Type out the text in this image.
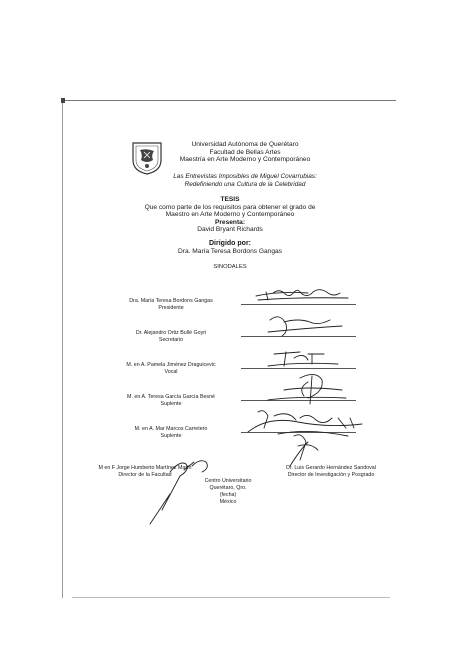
Universidad Autónoma de Querétaro
Facultad de Bellas Artes
Maestría en Arte Moderno y Contemporáneo
Las Entrevistas Imposibles de Miguel Covarrubias:
Redefiniendo una Cultura de la Celebridad
TESIS
Que como parte de los requisitos para obtener el grado de
Maestro en Arte Moderno y Contemporáneo
Presenta:
David Bryant Richards
Dirigido por:
Dra. María Teresa Bordons Gangas
SINODALES
Dra. María Teresa Bordons Gangas
Presidente
Dr. Alejandro Ortiz Bullé Goyri
Secretario
M. en A. Pamela Jiménez Draguicevic
Vocal
M. en A. Teresa García García Besné
Suplente
M. en A. Mar Marcos Carretero
Suplente
M en F Jorge Humberto Martínez Marín
Director de la Facultad
Centro Universitario
Querétaro, Qro.
(fecha)
México
Dr. Luis Gerardo Hernández Sandoval
Director de Investigación y Posgrado
